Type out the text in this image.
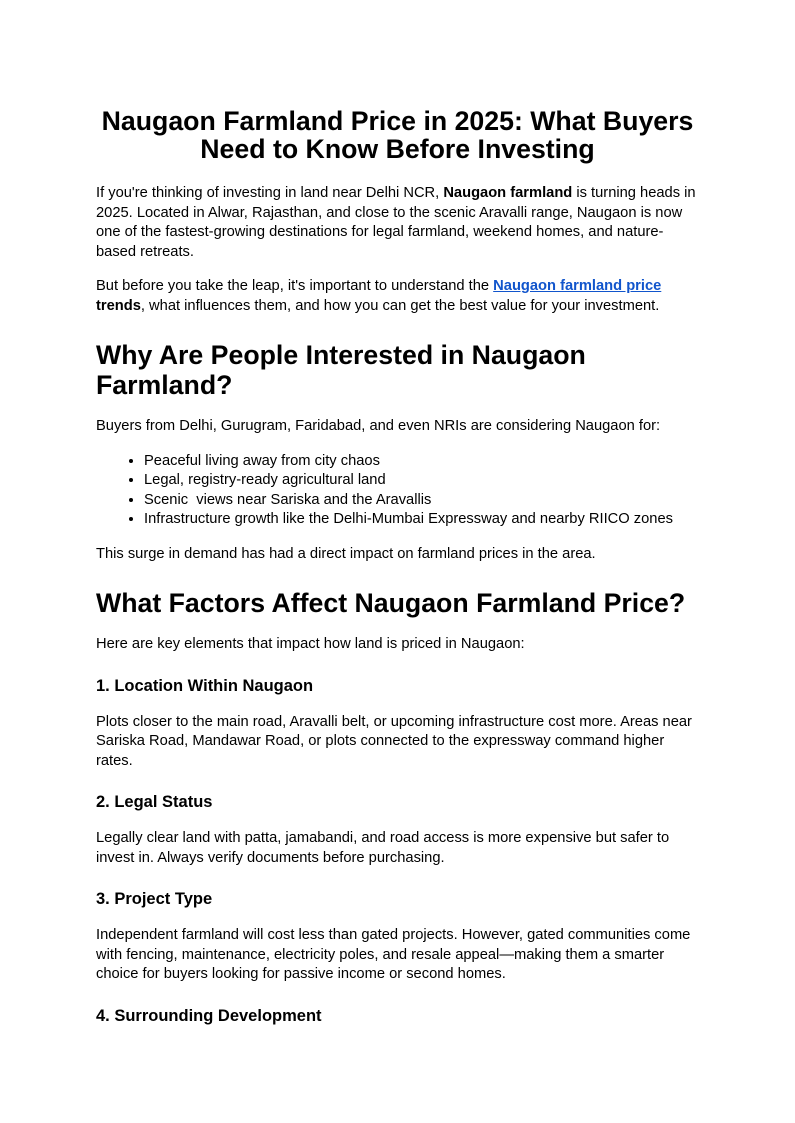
Naugaon Farmland Price in 2025: What Buyers Need to Know Before Investing

If you're thinking of investing in land near Delhi NCR, Naugaon farmland is turning heads in 2025. Located in Alwar, Rajasthan, and close to the scenic Aravalli range, Naugaon is now one of the fastest-growing destinations for legal farmland, weekend homes, and nature-based retreats.

But before you take the leap, it's important to understand the Naugaon farmland price trends, what influences them, and how you can get the best value for your investment.

Why Are People Interested in Naugaon Farmland?

Buyers from Delhi, Gurugram, Faridabad, and even NRIs are considering Naugaon for:

• Peaceful living away from city chaos
• Legal, registry-ready agricultural land
• Scenic  views near Sariska and the Aravallis
• Infrastructure growth like the Delhi-Mumbai Expressway and nearby RIICO zones

This surge in demand has had a direct impact on farmland prices in the area.

What Factors Affect Naugaon Farmland Price?

Here are key elements that impact how land is priced in Naugaon:

1. Location Within Naugaon

Plots closer to the main road, Aravalli belt, or upcoming infrastructure cost more. Areas near Sariska Road, Mandawar Road, or plots connected to the expressway command higher rates.

2. Legal Status

Legally clear land with patta, jamabandi, and road access is more expensive but safer to invest in. Always verify documents before purchasing.

3. Project Type

Independent farmland will cost less than gated projects. However, gated communities come with fencing, maintenance, electricity poles, and resale appeal—making them a smarter choice for buyers looking for passive income or second homes.

4. Surrounding Development
